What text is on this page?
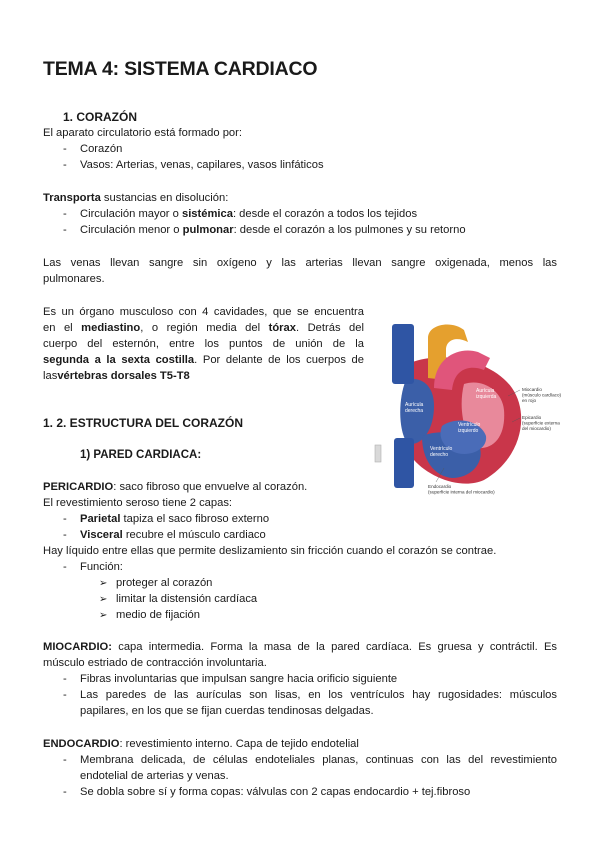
TEMA 4: SISTEMA CARDIACO
1. CORAZÓN
El aparato circulatorio está formado por:
- Corazón
- Vasos: Arterias, venas, capilares, vasos linfáticos
Transporta sustancias en disolución:
- Circulación mayor o sistémica: desde el corazón a todos los tejidos
- Circulación menor o pulmonar: desde el corazón a los pulmones y su retorno
Las venas llevan sangre sin oxígeno y las arterias llevan sangre oxigenada, menos las
pulmonares.
Es un órgano musculoso con 4 cavidades, que se encuentra
en el mediastino, o región media del tórax. Detrás del
cuerpo del esternón, entre los puntos de unión de la
segunda a la sexta costilla. Por delante de los cuerpos de
lasvértebras dorsales T5-T8
Aurícula derecha
Aurícula izquierda
Ventrículo izquierdo
Ventrículo derecho
Miocardio (músculo cardíaco) en rojo
Epicardio (superficie externa del miocardio)
Endocardio (superficie interna del miocardio)
1. 2. ESTRUCTURA DEL CORAZÓN
1) PARED CARDIACA:
PERICARDIO: saco fibroso que envuelve al corazón.
El revestimiento seroso tiene 2 capas:
- Parietal tapiza el saco fibroso externo
- Visceral recubre el músculo cardiaco
Hay líquido entre ellas que permite deslizamiento sin fricción cuando el corazón se contrae.
- Función:
➢ proteger al corazón
➢ limitar la distensión cardíaca
➢ medio de fijación
MIOCARDIO: capa intermedia. Forma la masa de la pared cardíaca. Es gruesa y contráctil. Es
músculo estriado de contracción involuntaria.
- Fibras involuntarias que impulsan sangre hacia orificio siguiente
- Las paredes de las aurículas son lisas, en los ventrículos hay rugosidades: músculos
papilares, en los que se fijan cuerdas tendinosas delgadas.
ENDOCARDIO: revestimiento interno. Capa de tejido endotelial
- Membrana delicada, de células endoteliales planas, continuas con las del revestimiento
endotelial de arterias y venas.
- Se dobla sobre sí y forma copas: válvulas con 2 capas endocardio + tej.fibroso
